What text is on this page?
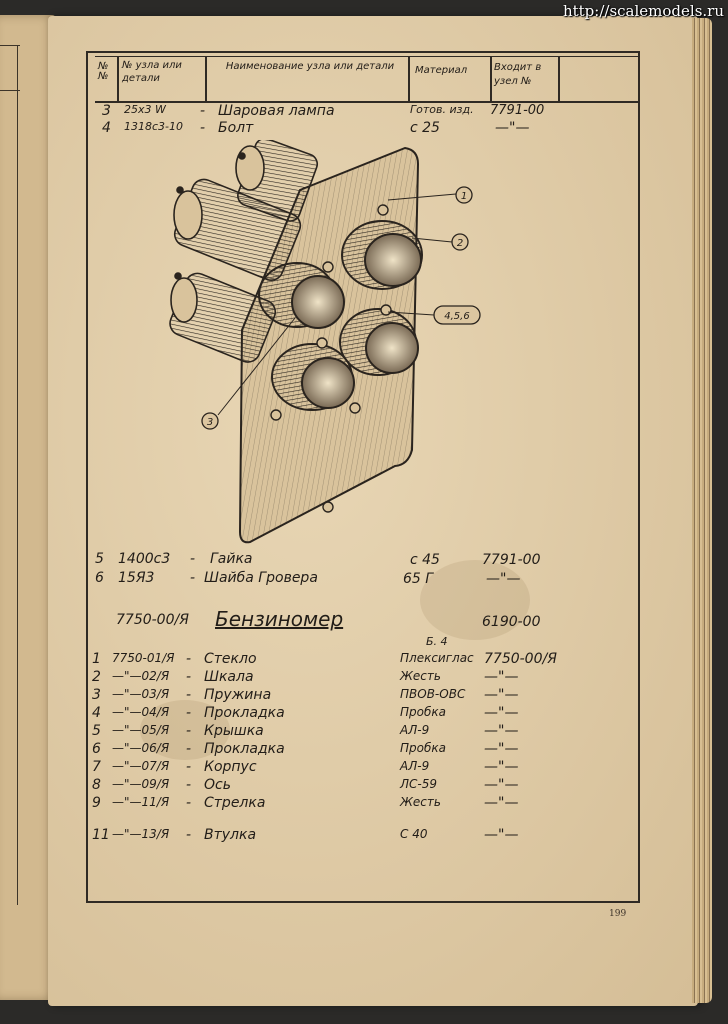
http://scalemodels.ru
№ №
№ узла или детали
Наименование узла или детали	Материал	Входит в узел №
3 25х3 W - Шаровая лампа	Готов. изд. 7791-00
4 1318с3-10 - Болт	с 25	—"—
1
2
4,5,6
3
5 1400с3 - Гайка	с 45	7791-00
6 15Я3	- Шайба Гровера	65 Г	—"—
7750-00/Я Бензиномер	6190-00
Б. 4
1 7750-01/Я - Стекло	Плексиглас 7750-00/Я
2 —"—02/Я - Шкала	Жесть	—"—
3 —"—03/Я - Пружина	ПВОВ-ОВС —"—
4 —"—04/Я - Прокладка	Пробка	—"—
5 —"—05/Я - Крышка	АЛ-9	—"—
6 —"—06/Я - Прокладка	Пробка	—"—
7 —"—07/Я - Корпус	АЛ-9	—"—
8 —"—09/Я - Ось	ЛС-59	—"—
9 —"—11/Я - Стрелка	Жесть	—"—
11 —"—13/Я - Втулка	С 40	—"—
199
